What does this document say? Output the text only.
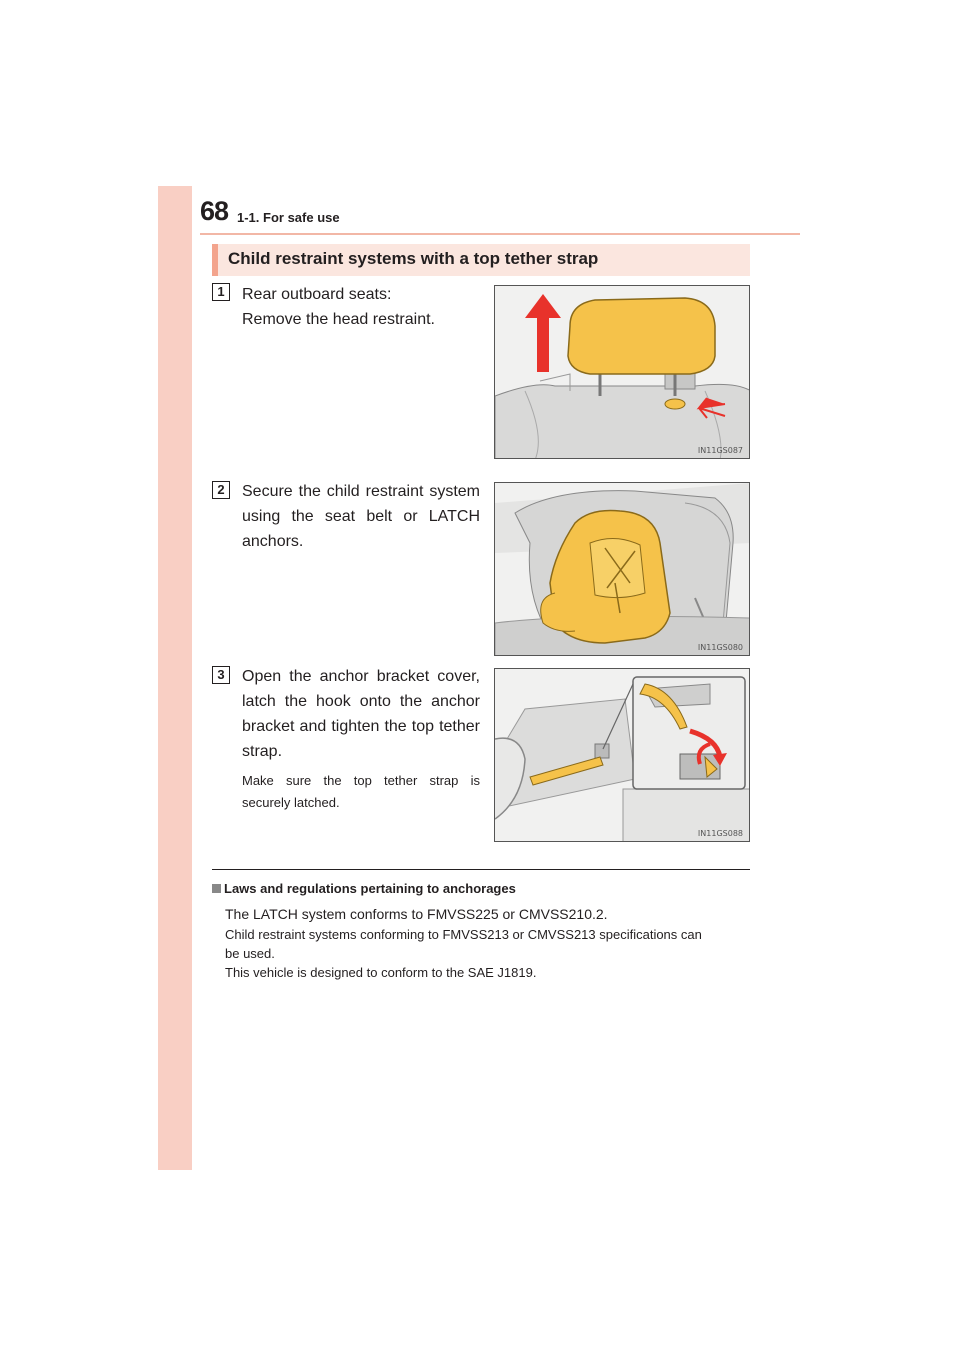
68 1-1. For safe use
Child restraint systems with a top tether strap
1	Rear outboard seats:
Remove the head restraint.
IN11GS087
2	Secure the child restraint system
using the seat belt or LATCH
anchors.
IN11GS080
3	Open the anchor bracket cover,
latch the hook onto the anchor
bracket and tighten the top tether
strap.
Make sure the top tether strap is
securely latched.
IN11GS088
Laws and regulations pertaining to anchorages
The LATCH system conforms to FMVSS225 or CMVSS210.2.
Child restraint systems conforming to FMVSS213 or CMVSS213 specifications can
be used.
This vehicle is designed to conform to the SAE J1819.
